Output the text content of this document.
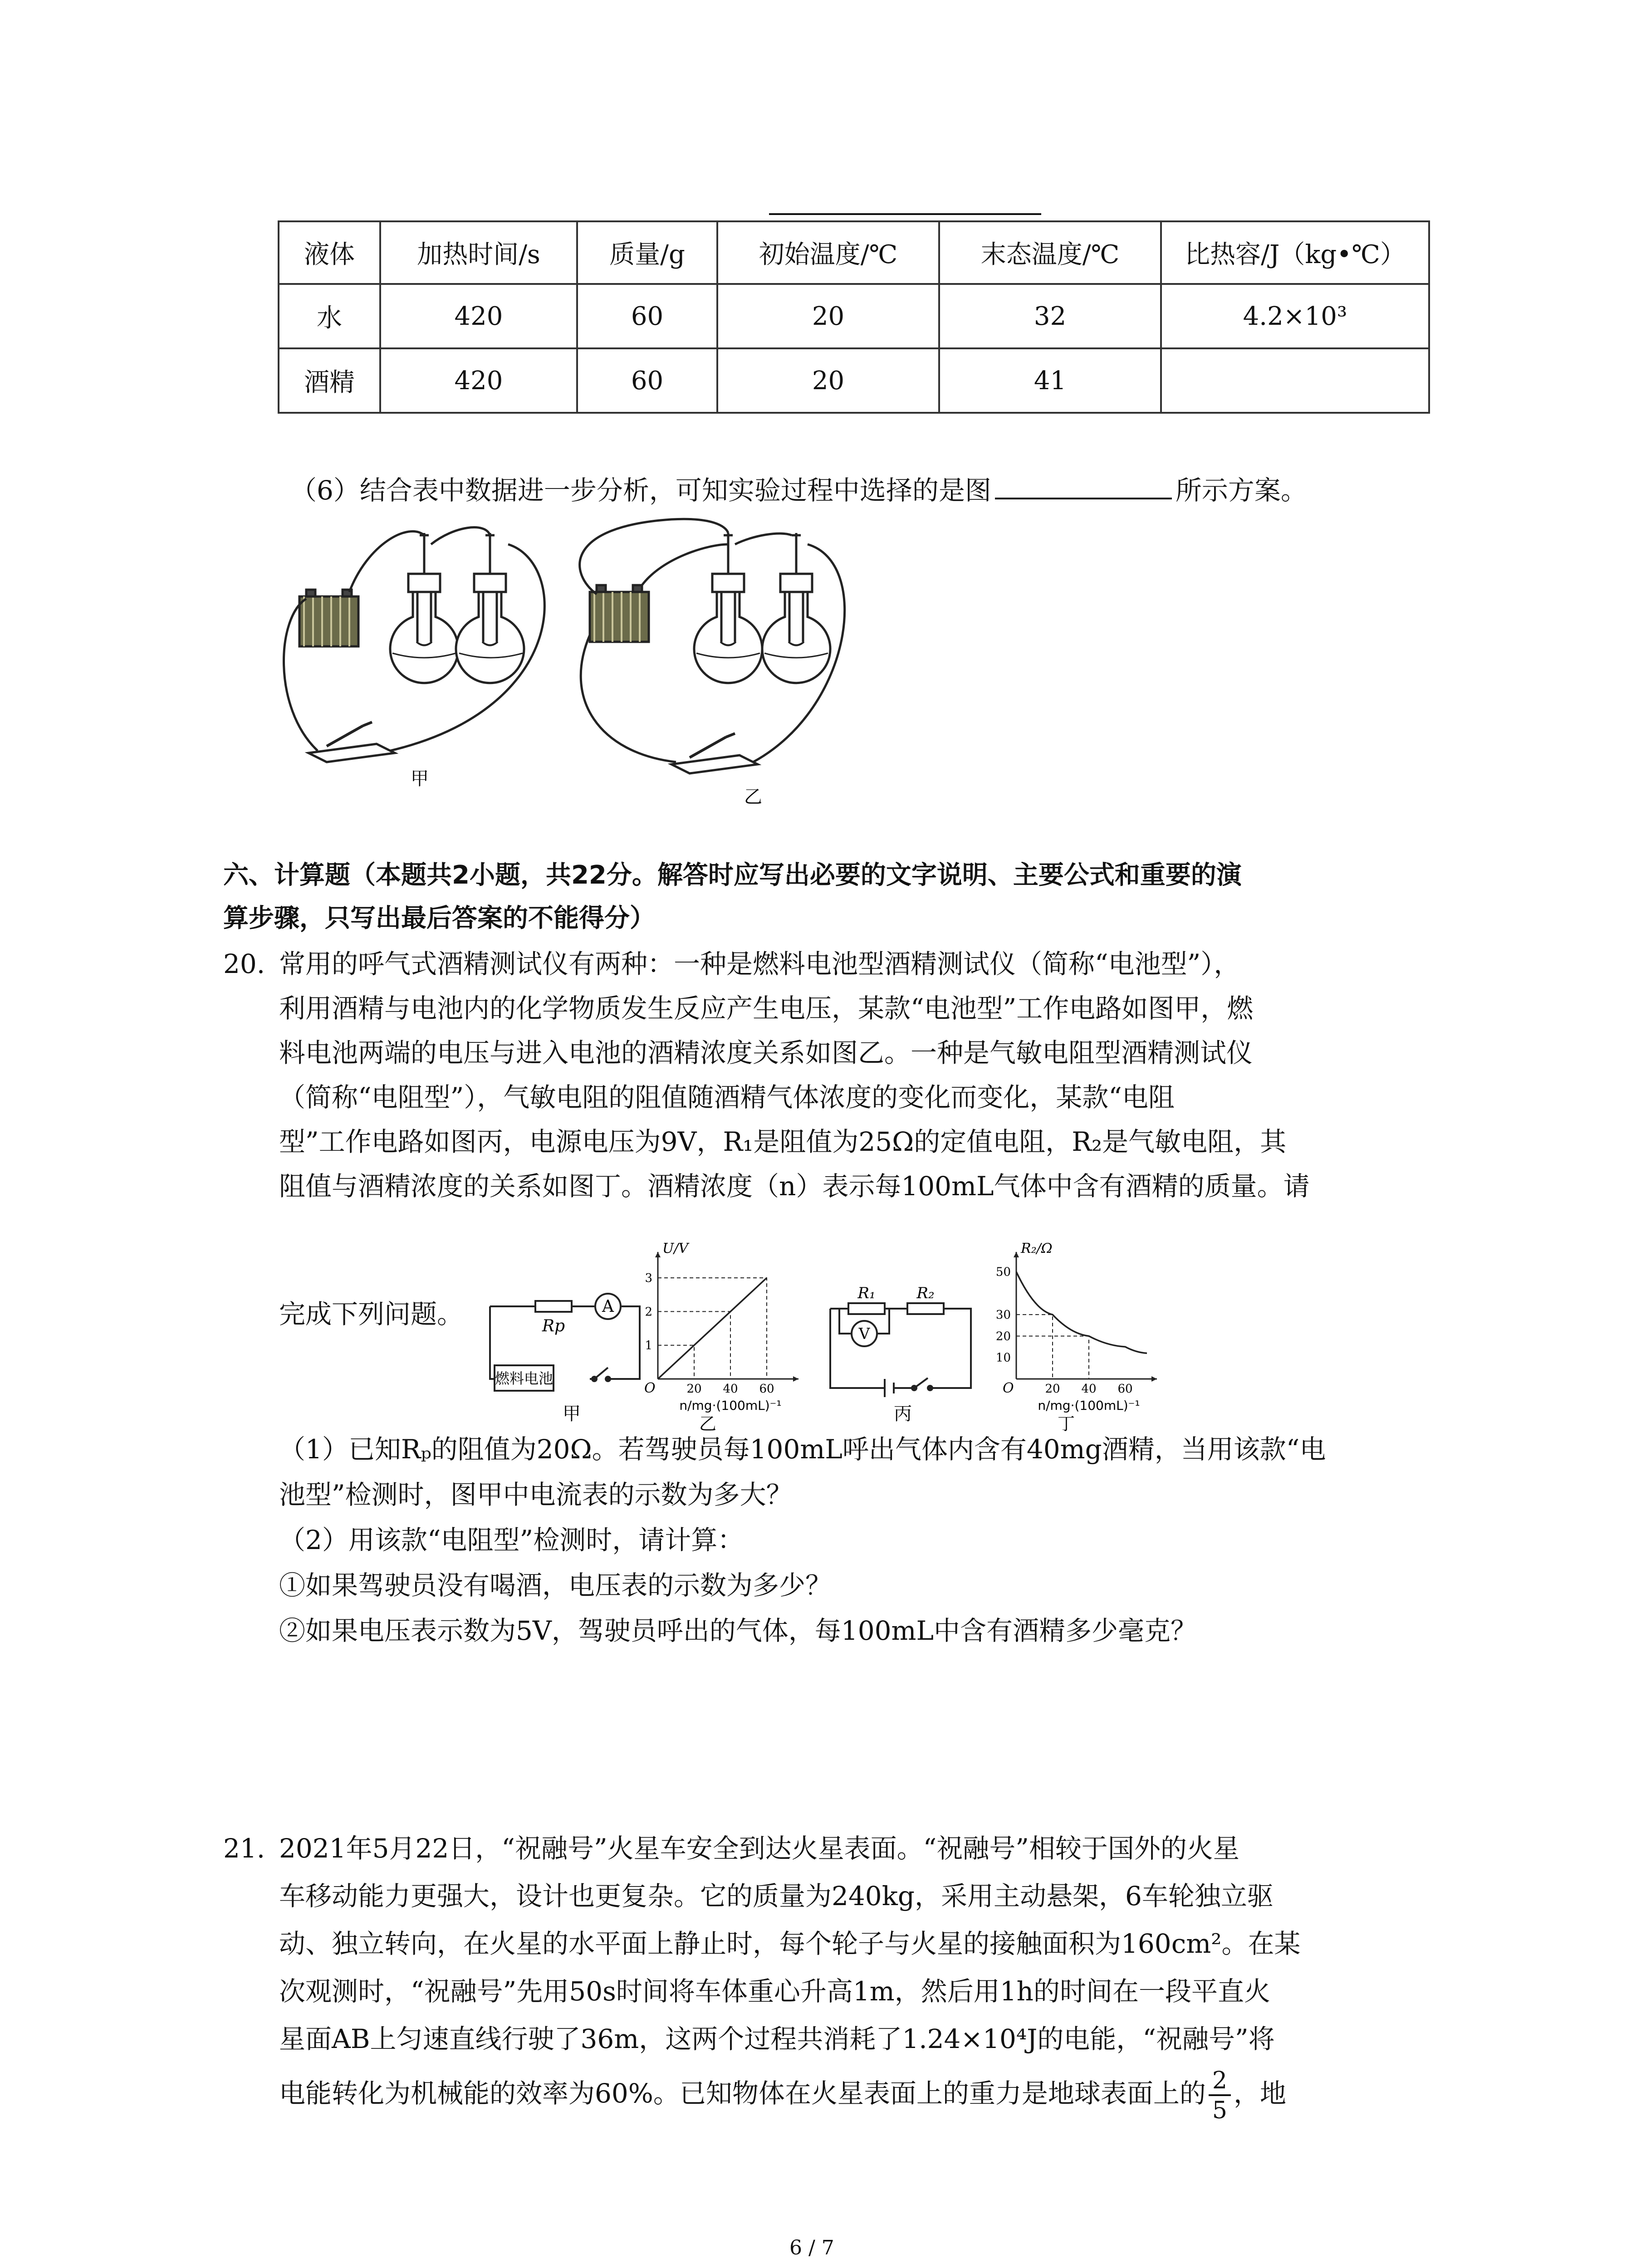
液体	加热时间/s	质量/g	初始温度/℃	末态温度/℃	比热容/J（kg•℃）
水	420	60	20	32	4.2×10³
酒精	420	60	20	41	
（6）结合表中数据进一步分析，可知实验过程中选择的是图	所示方案。
甲
乙
六、计算题（本题共2小题，共22分。解答时应写出必要的文字说明、主要公式和重要的演
算步骤，只写出最后答案的不能得分）
20. 常用的呼气式酒精测试仪有两种：一种是燃料电池型酒精测试仪（简称“电池型”），
利用酒精与电池内的化学物质发生反应产生电压，某款“电池型”工作电路如图甲，燃
料电池两端的电压与进入电池的酒精浓度关系如图乙。一种是气敏电阻型酒精测试仪
（简称“电阻型”），气敏电阻的阻值随酒精气体浓度的变化而变化，某款“电阻
型”工作电路如图丙，电源电压为9V，R₁是阻值为25Ω的定值电阻，R₂是气敏电阻，其
阻值与酒精浓度的关系如图丁。酒精浓度（n）表示每100mL气体中含有酒精的质量。请
完成下列问题。	Rp
A
燃料电池
甲
U/V
O	20 40 60
1
2
3
n/mg·(100mL)⁻¹
乙
R₁	R₂
V
丙
R₂/Ω
O	20 40 60
10
20
30
50
n/mg·(100mL)⁻¹
丁
（1）已知Rₚ的阻值为20Ω。若驾驶员每100mL呼出气体内含有40mg酒精，当用该款“电
池型”检测时，图甲中电流表的示数为多大？
（2）用该款“电阻型”检测时，请计算：
①如果驾驶员没有喝酒，电压表的示数为多少？
②如果电压表示数为5V，驾驶员呼出的气体，每100mL中含有酒精多少毫克？
21. 2021年5月22日，“祝融号”火星车安全到达火星表面。“祝融号”相较于国外的火星
车移动能力更强大，设计也更复杂。它的质量为240kg，采用主动悬架，6车轮独立驱
动、独立转向，在火星的水平面上静止时，每个轮子与火星的接触面积为160cm²。在某
次观测时，“祝融号”先用50s时间将车体重心升高1m，然后用1h的时间在一段平直火
星面AB上匀速直线行驶了36m，这两个过程共消耗了1.24×10⁴J的电能，“祝融号”将
电能转化为机械能的效率为60%。已知物体在火星表面上的重力是地球表面上的 $\frac{2}{5}$ ，地
6 / 7
